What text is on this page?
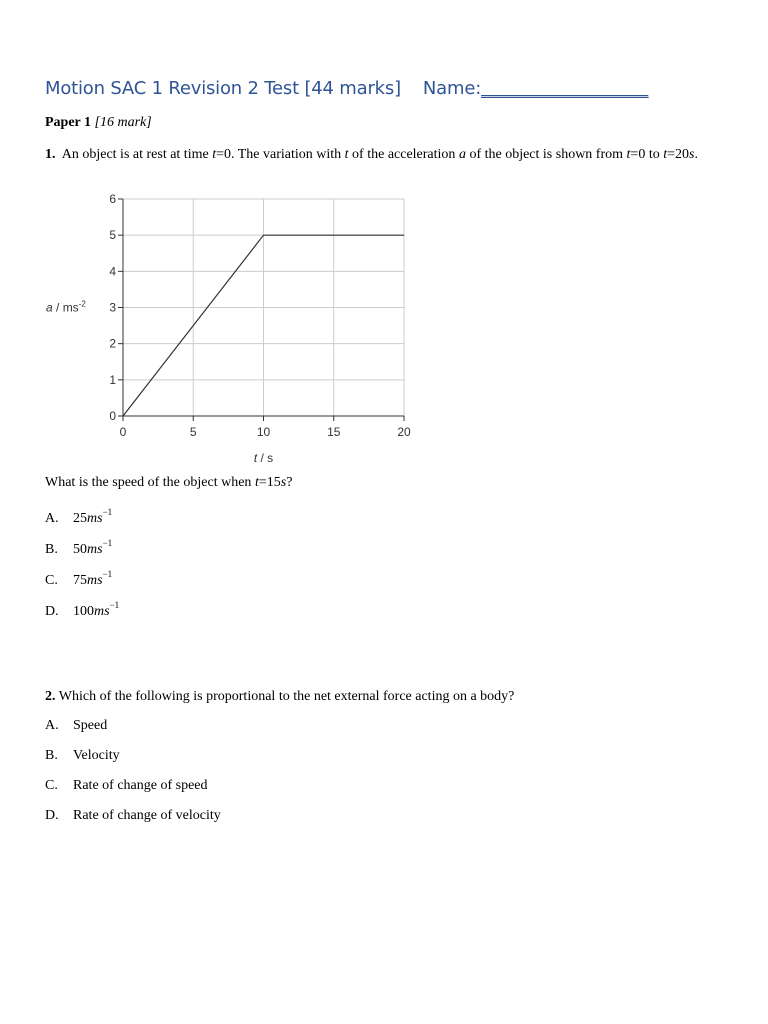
Motion SAC 1 Revision 2 Test [44 marks] Name:___________________
Paper 1 [16 mark]
1. An object is at rest at time t=0. The variation with t of the acceleration a of the object is shown from t=0 to t=20s.
0
1
2
3
4
5
6
0	5	10	15	20
t / s
a / $ms^{-2}$
What is the speed of the object when t=15s?
A. $25ms^{-1}$
B. $50ms^{-1}$
C. $75ms^{-1}$
D. $100ms^{-1}$
2. Which of the following is proportional to the net external force acting on a body?
A. Speed
B. Velocity
C. Rate of change of speed
D. Rate of change of velocity
